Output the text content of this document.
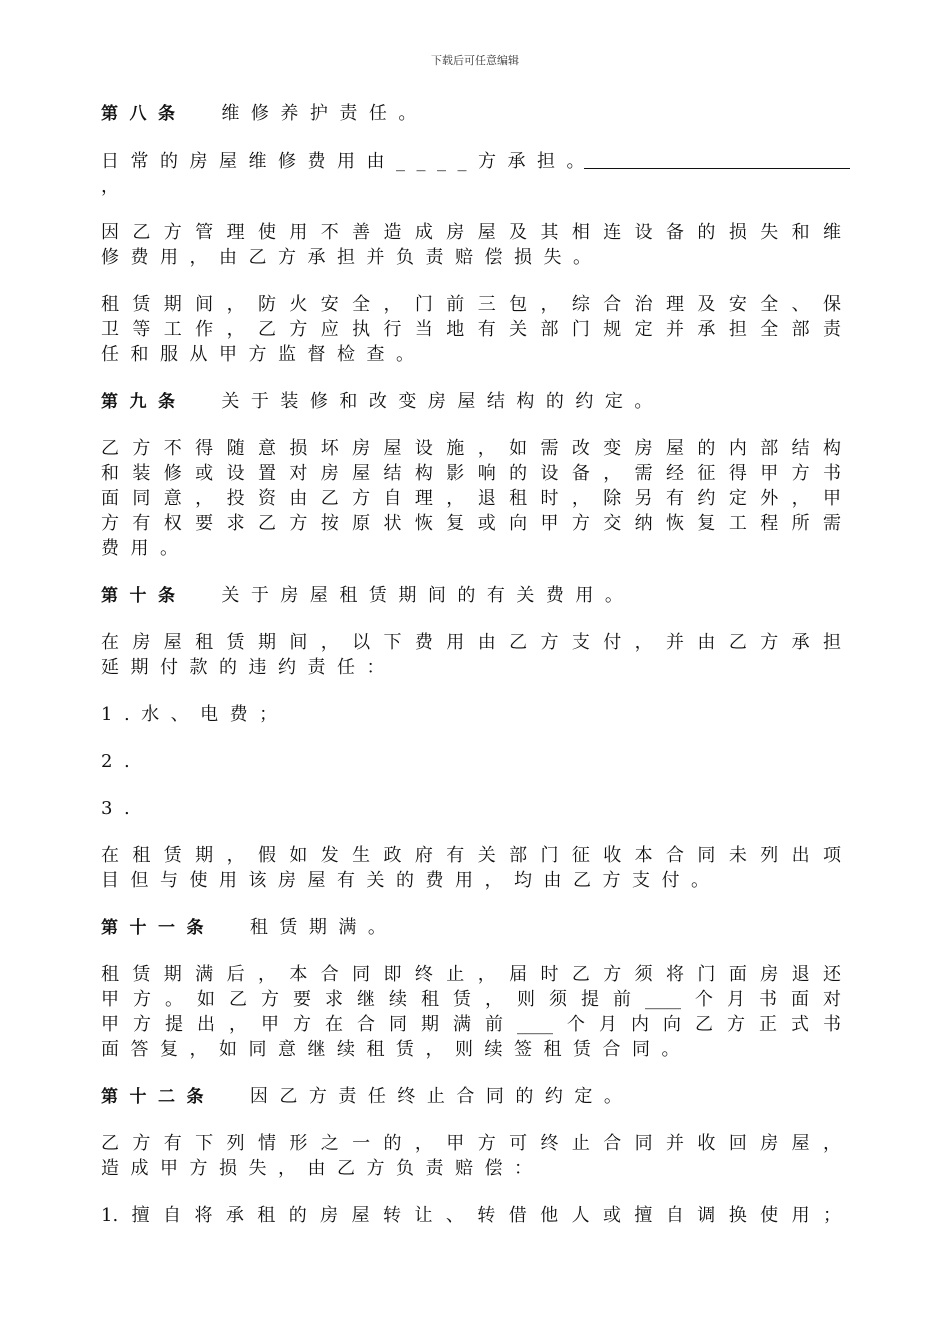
下载后可任意编辑
第八条 维修养护责任。
日常的房屋维修费用由____方承担。
，
因乙方管理使用不善造成房屋及其相连设备的损失和维
修费用，由乙方承担并负责赔偿损失。
租赁期间，防火安全，门前三包，综合治理及安全、保
卫等工作，乙方应执行当地有关部门规定并承担全部责
任和服从甲方监督检查。
第九条 关于装修和改变房屋结构的约定。
乙方不得随意损坏房屋设施，如需改变房屋的内部结构
和装修或设置对房屋结构影响的设备，需经征得甲方书
面同意，投资由乙方自理，退租时，除另有约定外，甲
方有权要求乙方按原状恢复或向甲方交纳恢复工程所需
费用。
第十条 关于房屋租赁期间的有关费用。
在房屋租赁期间，以下费用由乙方支付，并由乙方承担
延期付款的违约责任：
1.水、电费；
2.
3.
在租赁期，假如发生政府有关部门征收本合同未列出项
目但与使用该房屋有关的费用，均由乙方支付。
第十一条 租赁期满。
租赁期满后，本合同即终止，届时乙方须将门面房退还
甲方。如乙方要求继续租赁，则须提前____个月书面对
甲方提出，甲方在合同期满前____个月内向乙方正式书
面答复，如同意继续租赁，则续签租赁合同。
第十二条 因乙方责任终止合同的约定。
乙方有下列情形之一的，甲方可终止合同并收回房屋，
造成甲方损失，由乙方负责赔偿：
1.擅自将承租的房屋转让、转借他人或擅自调换使用；
